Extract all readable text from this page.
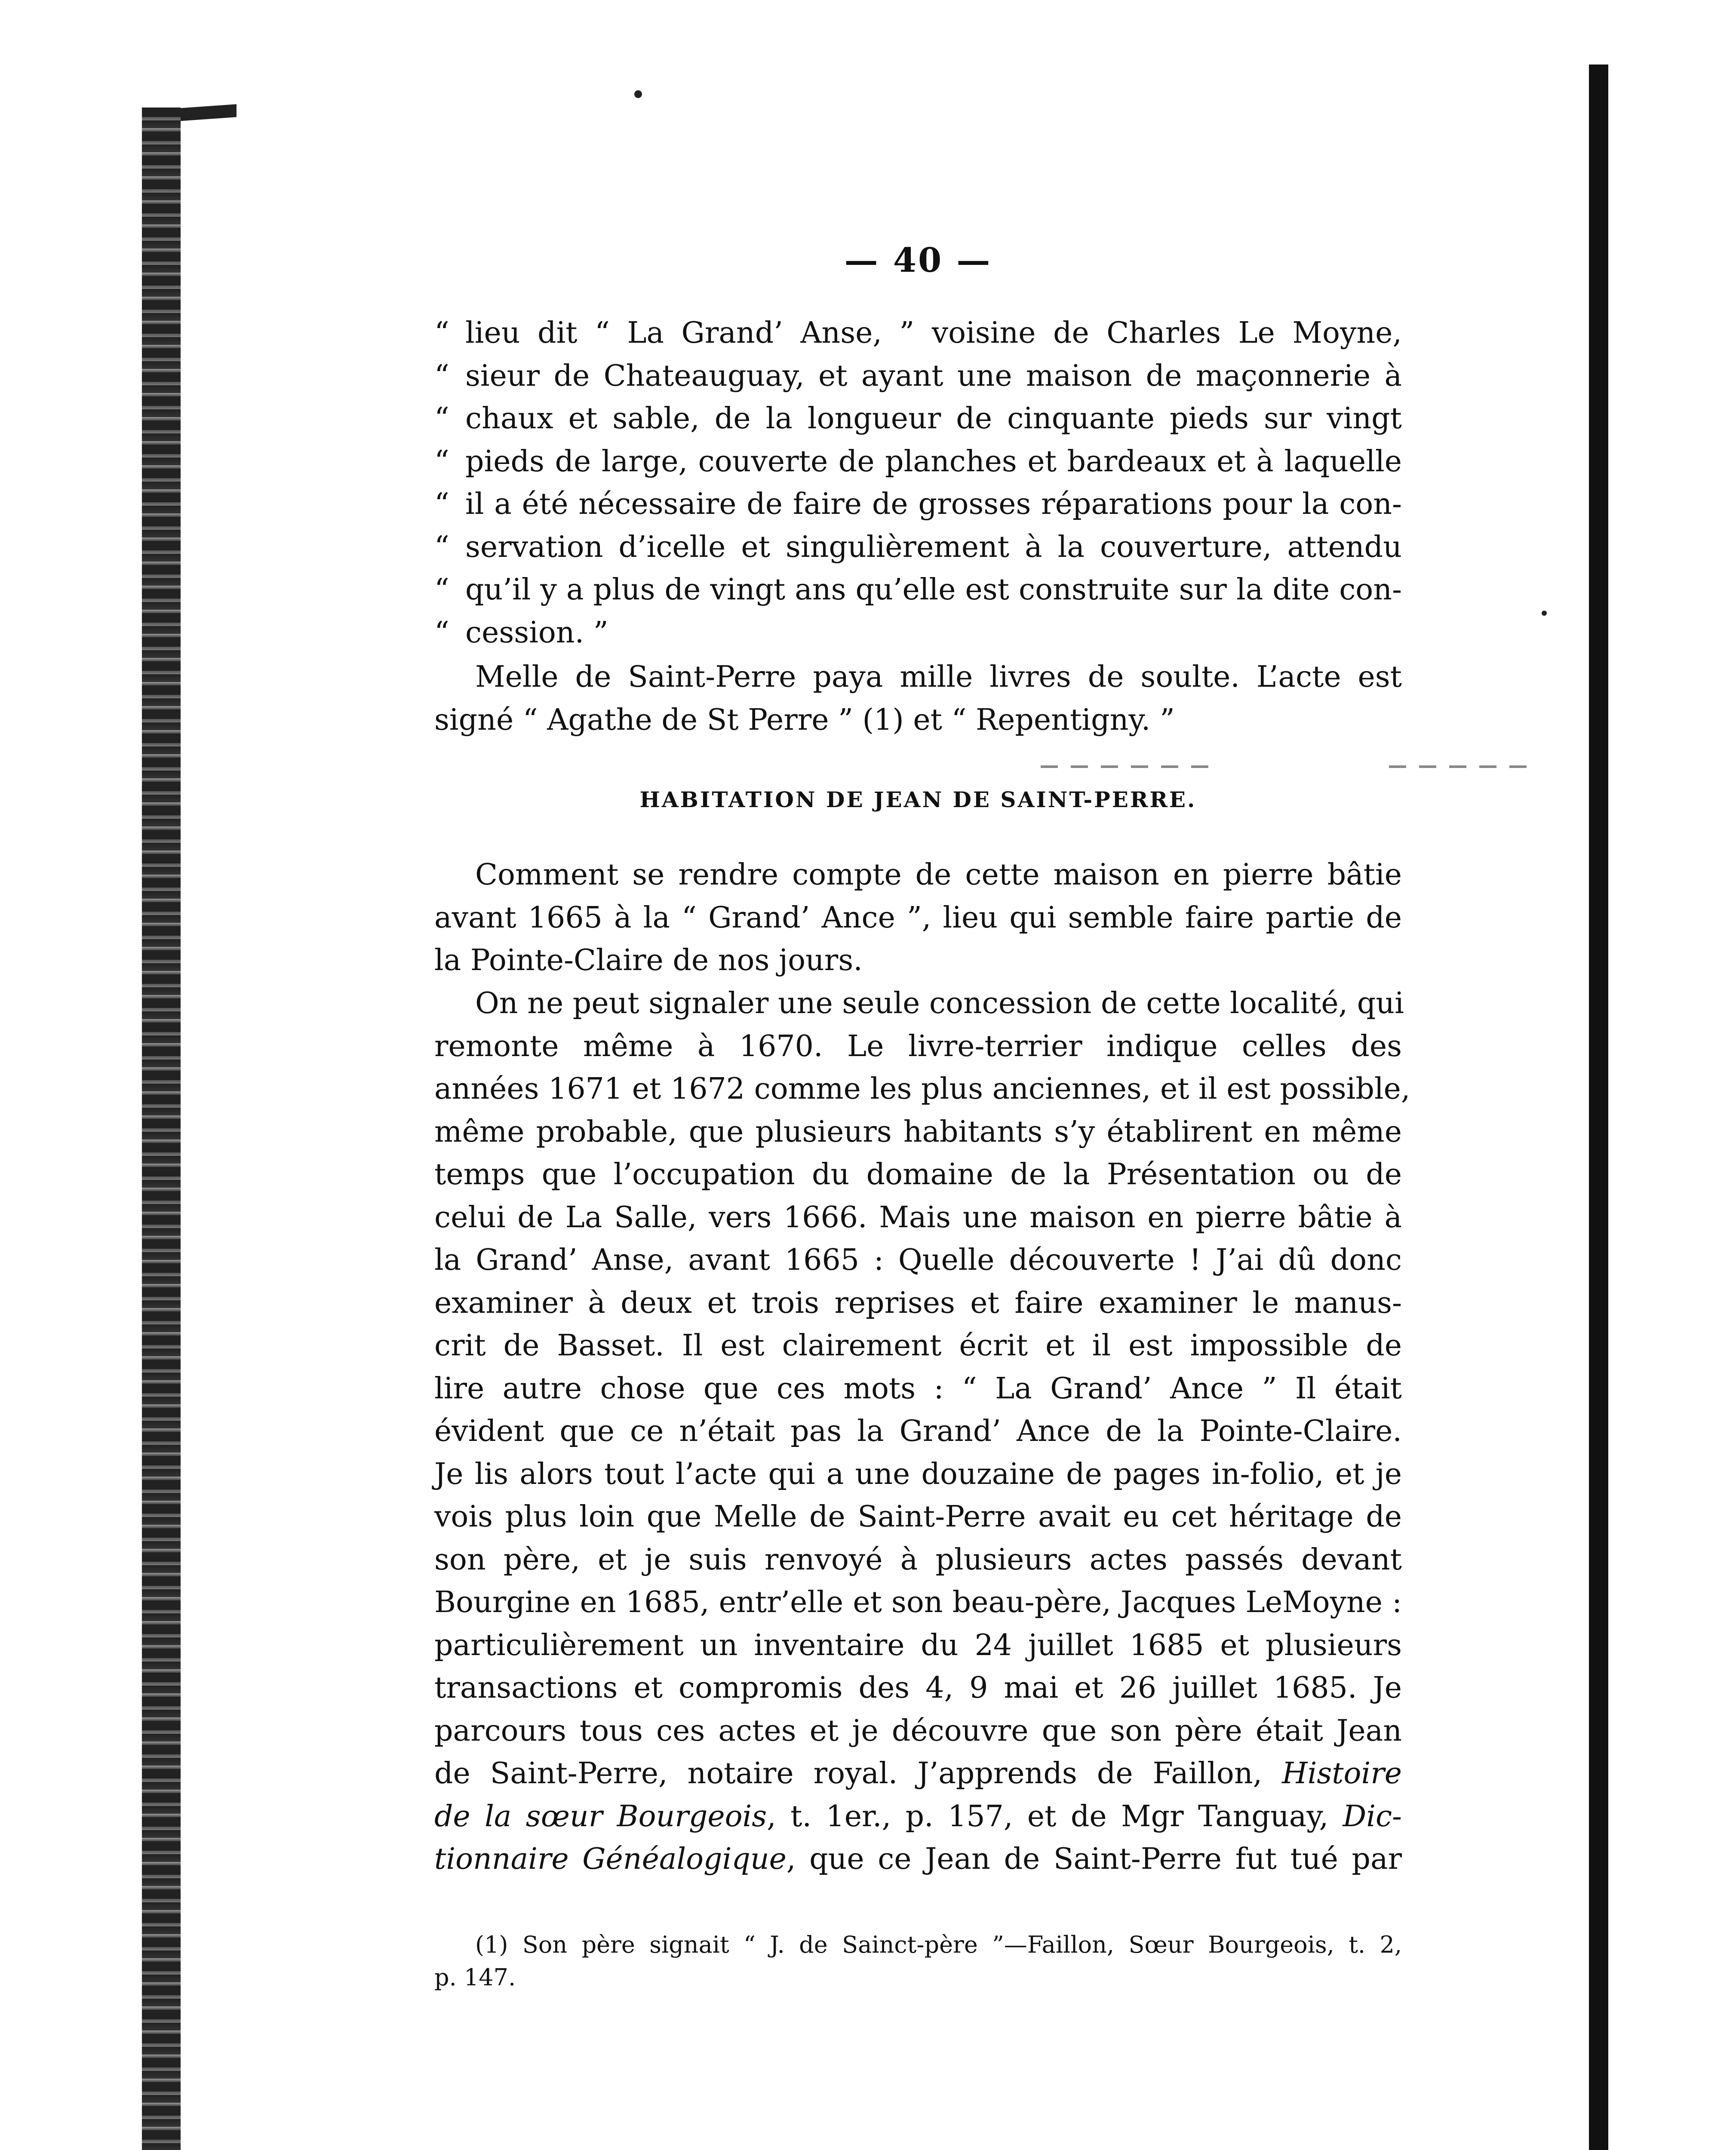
— 40 —
“ lieu dit “ La Grand’ Anse, ” voisine de Charles Le Moyne,
“ sieur de Chateauguay, et ayant une maison de maçonnerie à
“ chaux et sable, de la longueur de cinquante pieds sur vingt
“ pieds de large, couverte de planches et bardeaux et à laquelle
“ il a été nécessaire de faire de grosses réparations pour la con-
“ servation d’icelle et singulièrement à la couverture, attendu
“ qu’il y a plus de vingt ans qu’elle est construite sur la dite con-
“ cession. ”
Melle de Saint-Perre paya mille livres de soulte. L’acte est
signé “ Agathe de St Perre ” (1) et “ Repentigny. ”
HABITATION DE JEAN DE SAINT-PERRE.
Comment se rendre compte de cette maison en pierre bâtie
avant 1665 à la “ Grand’ Ance ”, lieu qui semble faire partie de
la Pointe-Claire de nos jours.
On ne peut signaler une seule concession de cette localité, qui
remonte même à 1670. Le livre-terrier indique celles des
années 1671 et 1672 comme les plus anciennes, et il est possible,
même probable, que plusieurs habitants s’y établirent en même
temps que l’occupation du domaine de la Présentation ou de
celui de La Salle, vers 1666. Mais une maison en pierre bâtie à
la Grand’ Anse, avant 1665 : Quelle découverte ! J’ai dû donc
examiner à deux et trois reprises et faire examiner le manus-
crit de Basset. Il est clairement écrit et il est impossible de
lire autre chose que ces mots : “ La Grand’ Ance ” Il était
évident que ce n’était pas la Grand’ Ance de la Pointe-Claire.
Je lis alors tout l’acte qui a une douzaine de pages in-folio, et je
vois plus loin que Melle de Saint-Perre avait eu cet héritage de
son père, et je suis renvoyé à plusieurs actes passés devant
Bourgine en 1685, entr’elle et son beau-père, Jacques LeMoyne :
particulièrement un inventaire du 24 juillet 1685 et plusieurs
transactions et compromis des 4, 9 mai et 26 juillet 1685. Je
parcours tous ces actes et je découvre que son père était Jean
de Saint-Perre, notaire royal. J’apprends de Faillon, Histoire
de la sœur Bourgeois, t. 1er., p. 157, et de Mgr Tanguay, Dic-
tionnaire Généalogique, que ce Jean de Saint-Perre fut tué par
(1) Son père signait “ J. de Sainct-père ”—Faillon, Sœur Bourgeois, t. 2,
p. 147.
